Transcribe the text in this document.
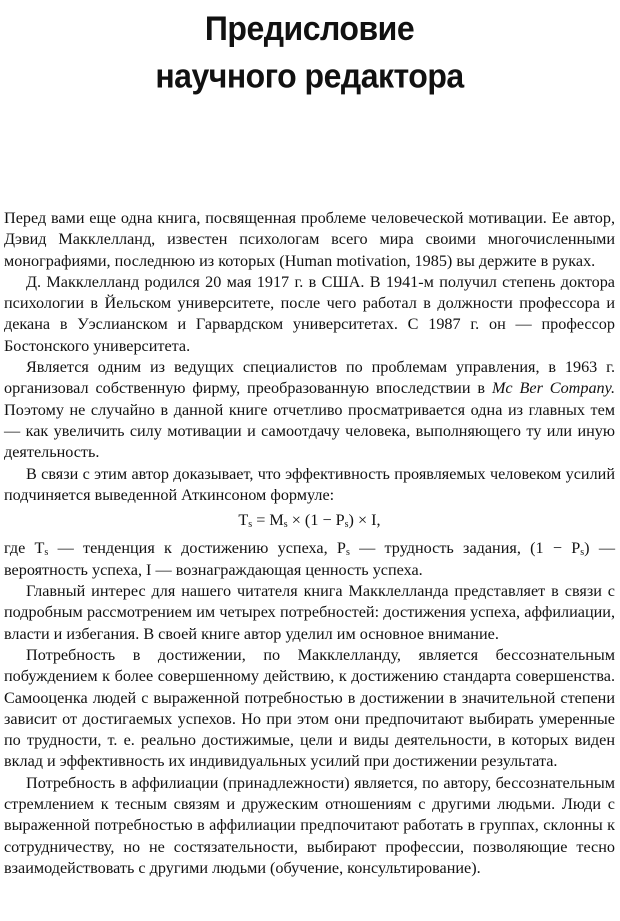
Предисловие
научного редактора

Перед вами еще одна книга, посвященная проблеме человеческой мотивации. Ее автор, Дэвид Макклелланд, известен психологам всего мира своими многочисленными монографиями, последнюю из которых (Human motivation, 1985) вы держите в руках.

Д. Макклелланд родился 20 мая 1917 г. в США. В 1941-м получил степень доктора психологии в Йельском университете, после чего работал в должности профессора и декана в Уэслианском и Гарвардском университетах. С 1987 г. он — профессор Бостонского университета.

Является одним из ведущих специалистов по проблемам управления, в 1963 г. организовал собственную фирму, преобразованную впоследствии в Mc Ber Company. Поэтому не случайно в данной книге отчетливо просматривается одна из главных тем — как увеличить силу мотивации и самоотдачу человека, выполняющего ту или иную деятельность.

В связи с этим автор доказывает, что эффективность проявляемых человеком усилий подчиняется выведенной Аткинсоном формуле:

$T_s = M_s \times (1 - P_s) \times I$,

где $T_s$ — тенденция к достижению успеха, $P_s$ — трудность задания, $(1 - P_s)$ — вероятность успеха, I — вознаграждающая ценность успеха.

Главный интерес для нашего читателя книга Макклелланда представляет в связи с подробным рассмотрением им четырех потребностей: достижения успеха, аффилиации, власти и избегания. В своей книге автор уделил им основное внимание.

Потребность в достижении, по Макклелланду, является бессознательным побуждением к более совершенному действию, к достижению стандарта совершенства. Самооценка людей с выраженной потребностью в достижении в значительной степени зависит от достигаемых успехов. Но при этом они предпочитают выбирать умеренные по трудности, т. е. реально достижимые, цели и виды деятельности, в которых виден вклад и эффективность их индивидуальных усилий при достижении результата.

Потребность в аффилиации (принадлежности) является, по автору, бессознательным стремлением к тесным связям и дружеским отношениям с другими людьми. Люди с выраженной потребностью в аффилиации предпочитают работать в группах, склонны к сотрудничеству, но не состязательности, выбирают профессии, позволяющие тесно взаимодействовать с другими людьми (обучение, консультирование).
